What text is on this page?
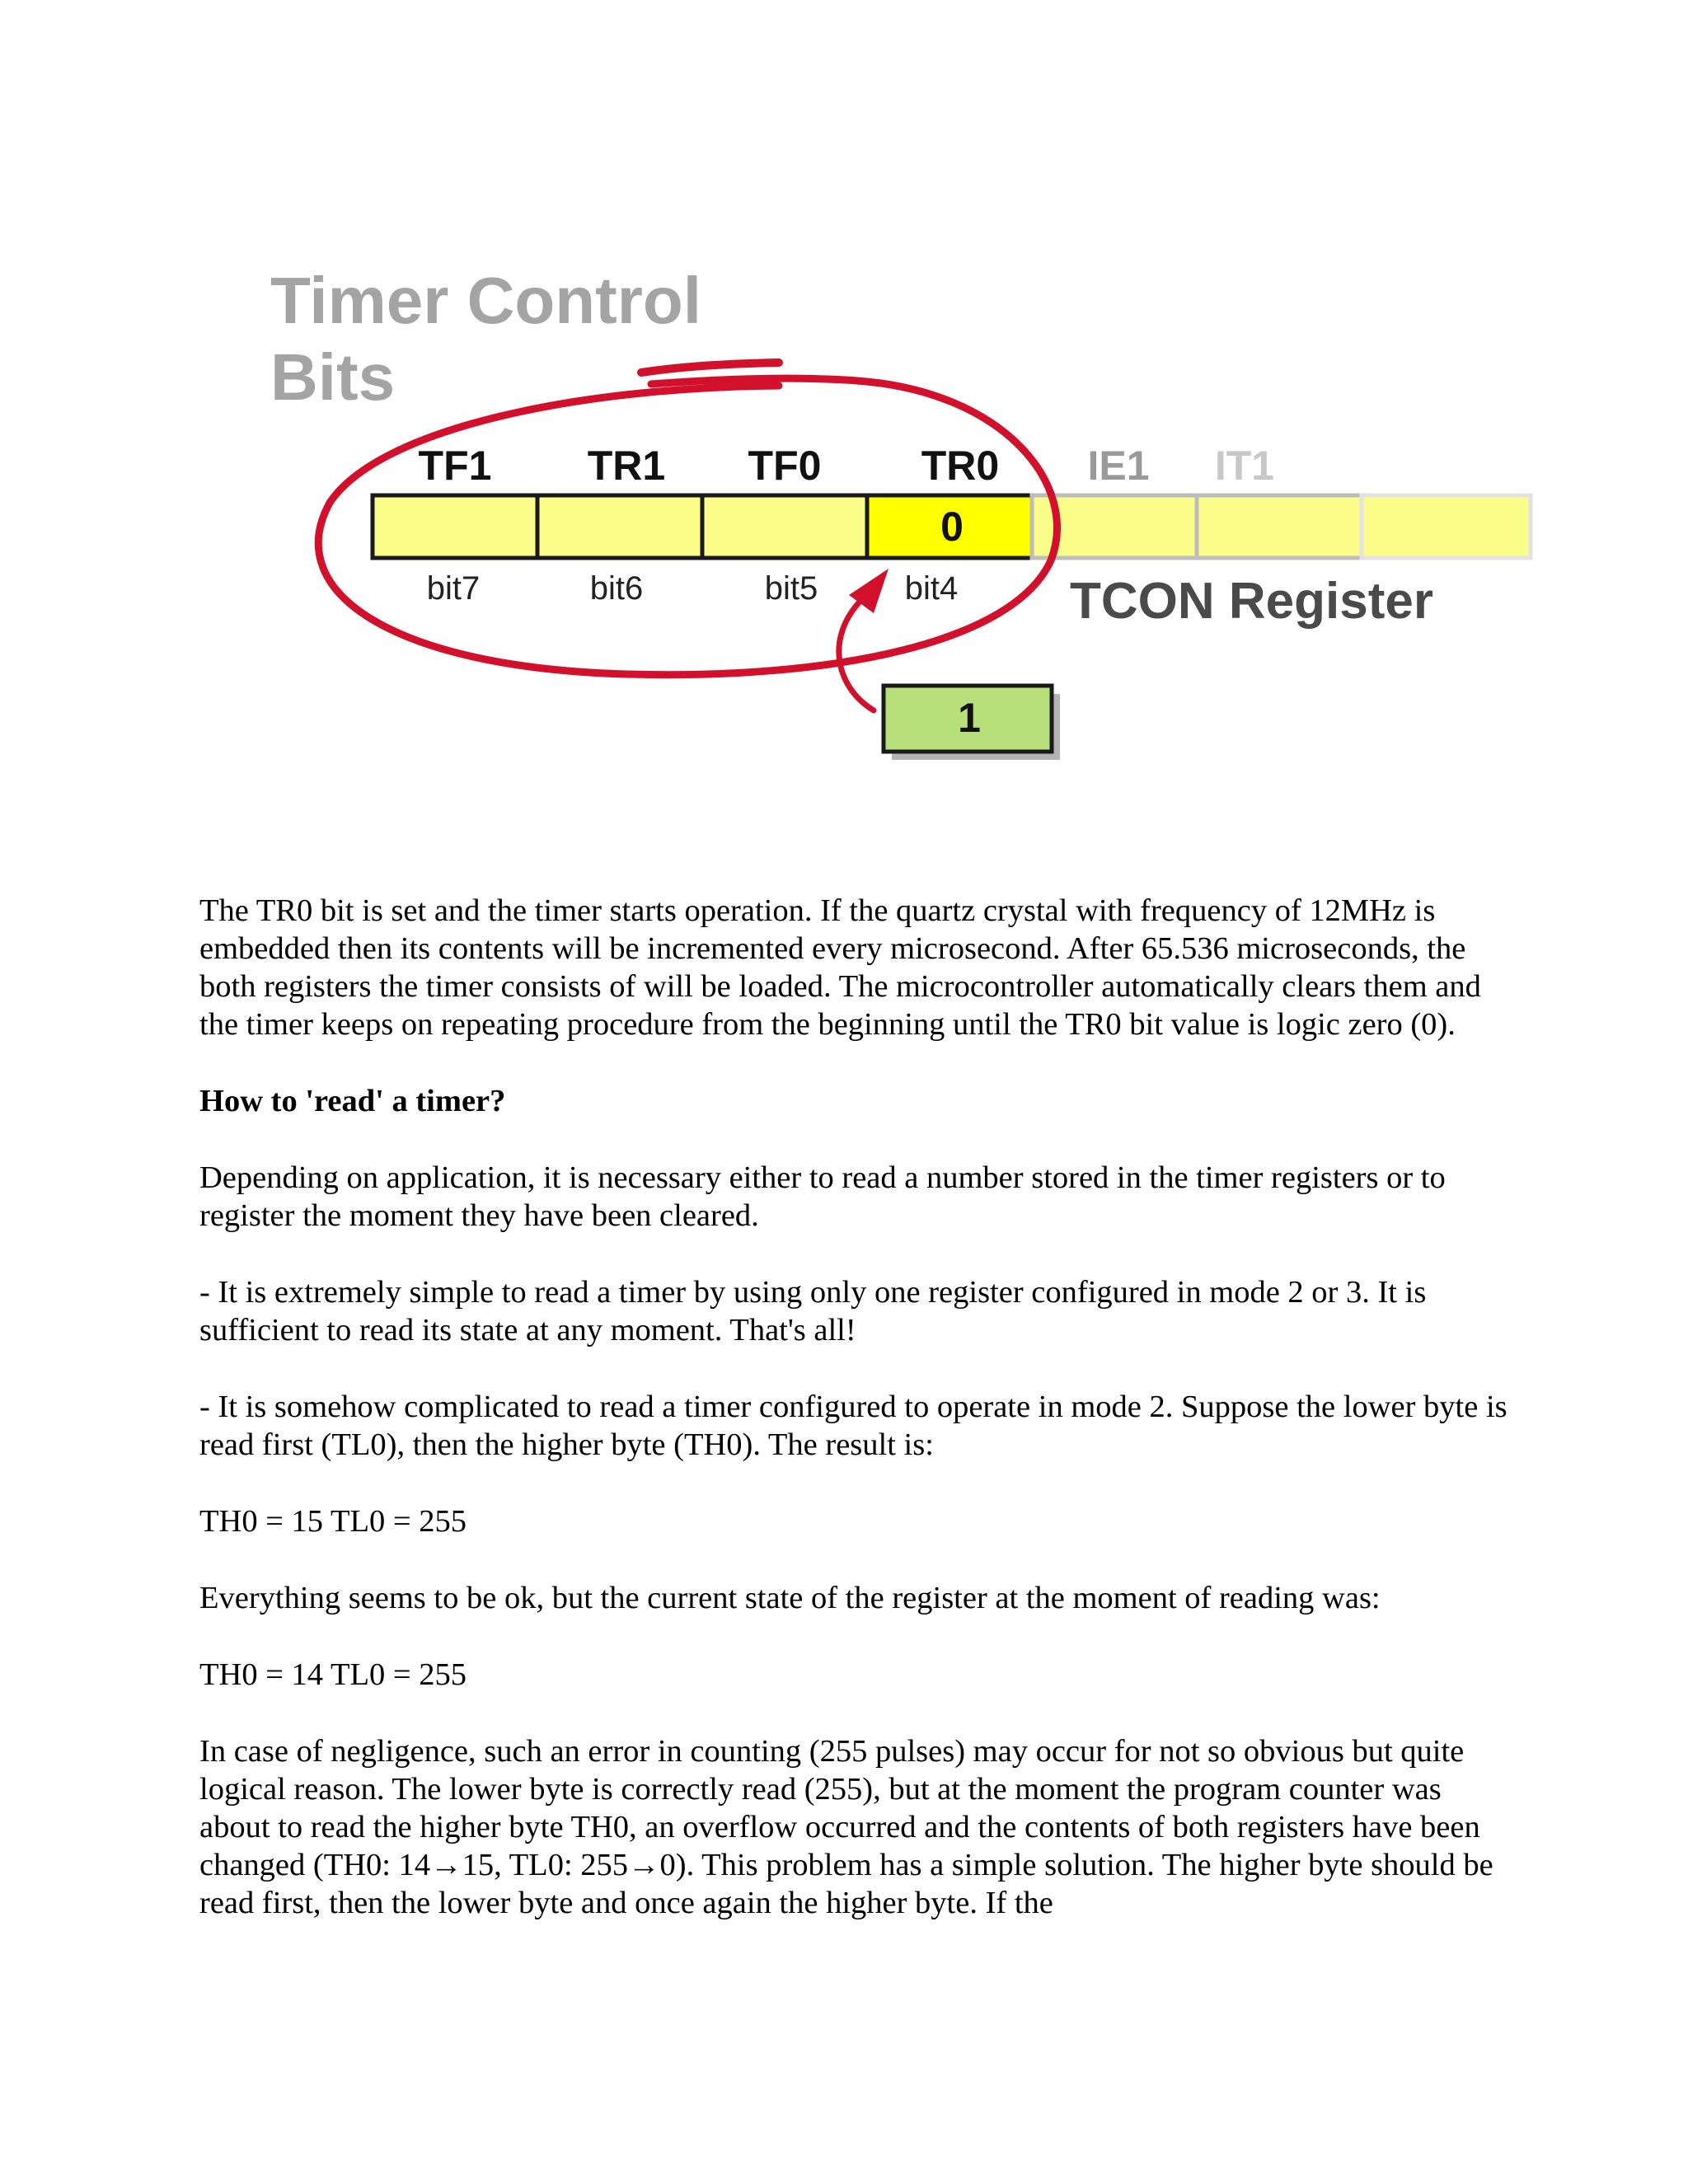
Timer Control
Bits
TF1 TR1 TF0 TR0 IE1 IT1
0
bit7	bit6	bit5	bit4 TCON Register
1

The TR0 bit is set and the timer starts operation. If the quartz crystal with frequency of 12MHz is embedded then its contents will be incremented every microsecond. After 65.536 microseconds, the both registers the timer consists of will be loaded. The microcontroller automatically clears them and the timer keeps on repeating procedure from the beginning until the TR0 bit value is logic zero (0).

How to 'read' a timer?

Depending on application, it is necessary either to read a number stored in the timer registers or to register the moment they have been cleared.

- It is extremely simple to read a timer by using only one register configured in mode 2 or 3. It is sufficient to read its state at any moment. That's all!

- It is somehow complicated to read a timer configured to operate in mode 2. Suppose the lower byte is read first (TL0), then the higher byte (TH0). The result is:

TH0 = 15 TL0 = 255

Everything seems to be ok, but the current state of the register at the moment of reading was:

TH0 = 14 TL0 = 255

In case of negligence, such an error in counting (255 pulses) may occur for not so obvious but quite logical reason. The lower byte is correctly read (255), but at the moment the program counter was about to read the higher byte TH0, an overflow occurred and the contents of both registers have been changed (TH0: 14→15, TL0: 255→0). This problem has a simple solution. The higher byte should be read first, then the lower byte and once again the higher byte. If the
